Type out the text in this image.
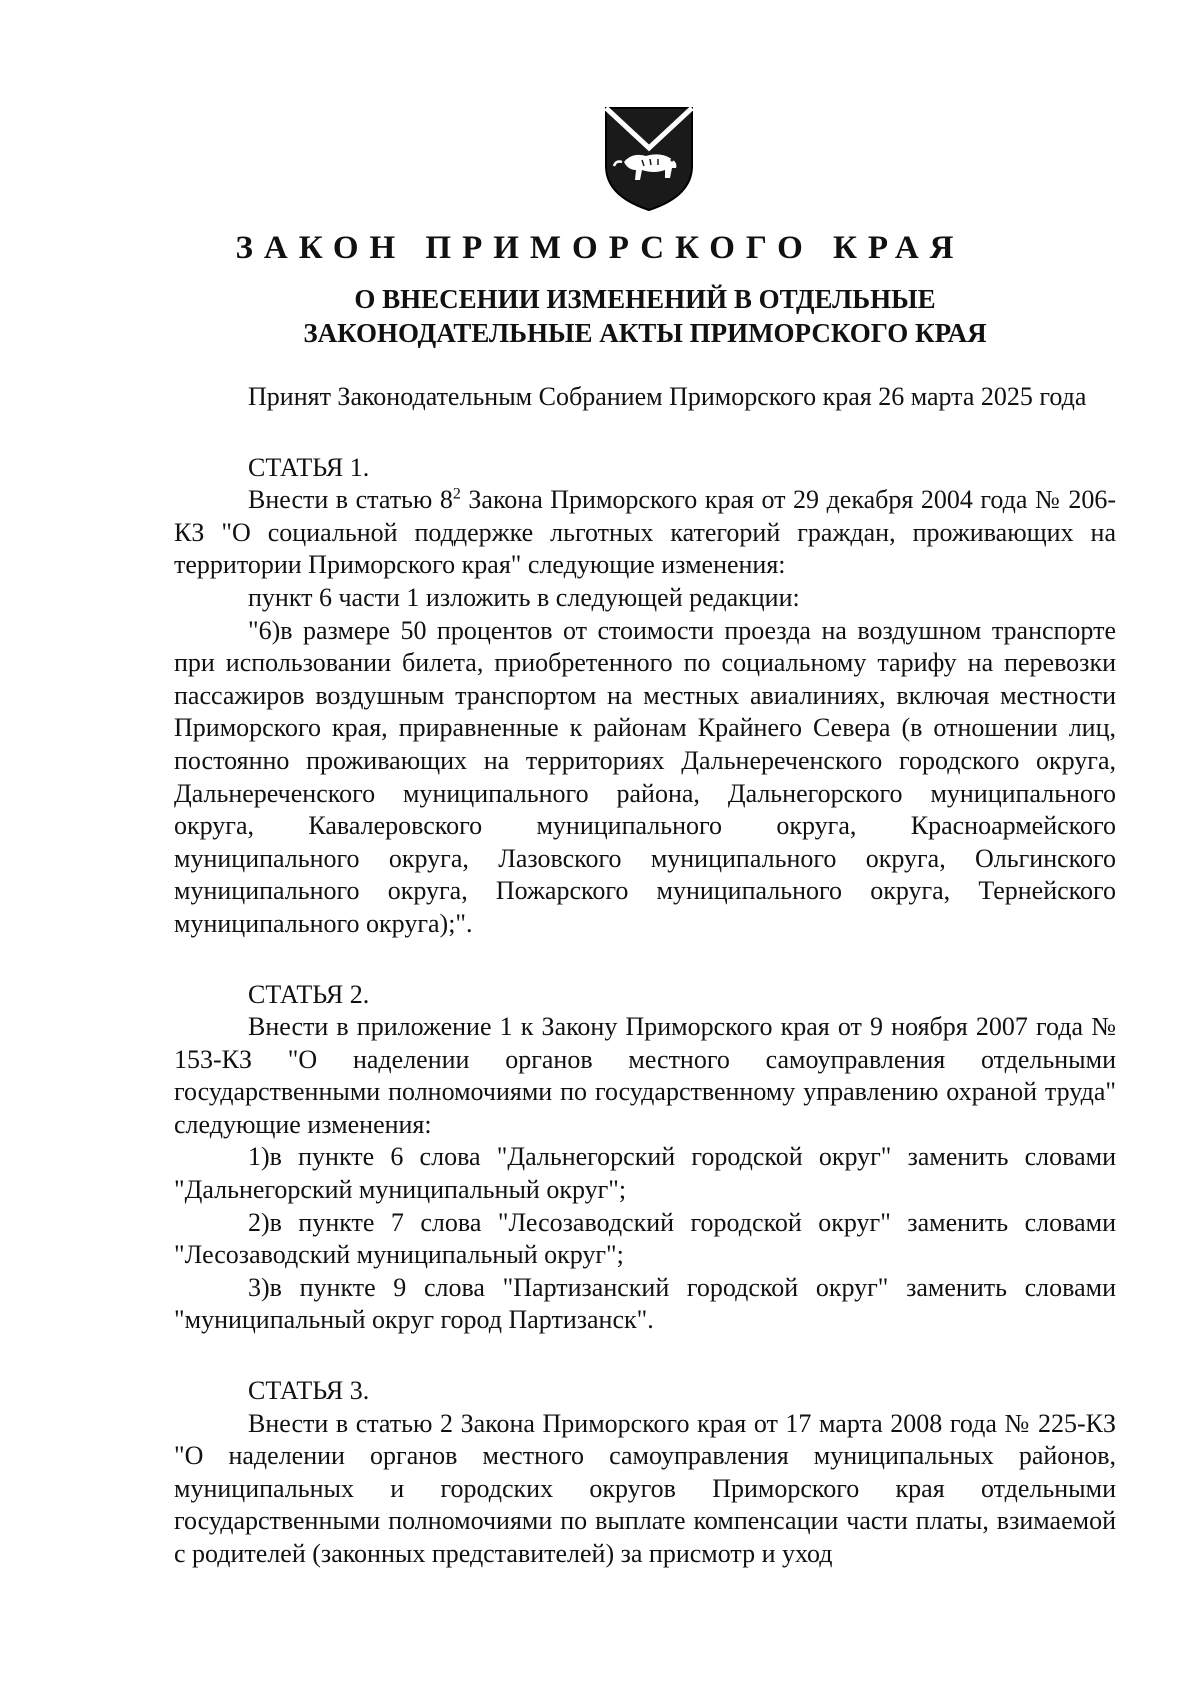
ЗАКОН ПРИМОРСКОГО КРАЯ
О ВНЕСЕНИИ ИЗМЕНЕНИЙ В ОТДЕЛЬНЫЕ
ЗАКОНОДАТЕЛЬНЫЕ АКТЫ ПРИМОРСКОГО КРАЯ

Принят Законодательным Собранием Приморского края 26 марта 2025 года

СТАТЬЯ 1.

Внести в статью $8^2$ Закона Приморского края от 29 декабря 2004 года № 206-КЗ "О социальной поддержке льготных категорий граждан, проживающих на территории Приморского края" следующие изменения:

пункт 6 части 1 изложить в следующей редакции:

"6)в размере 50 процентов от стоимости проезда на воздушном транспорте при использовании билета, приобретенного по социальному тарифу на перевозки пассажиров воздушным транспортом на местных авиалиниях, включая местности Приморского края, приравненные к районам Крайнего Севера (в отношении лиц, постоянно проживающих на территориях Дальнереченского городского округа, Дальнереченского муниципального района, Дальнегорского муниципального округа, Кавалеровского муниципального округа, Красноармейского муниципального округа, Лазовского муниципального округа, Ольгинского муниципального округа, Пожарского муниципального округа, Тернейского муниципального округа);".

СТАТЬЯ 2.

Внести в приложение 1 к Закону Приморского края от 9 ноября 2007 года № 153-КЗ "О наделении органов местного самоуправления отдельными государственными полномочиями по государственному управлению охраной труда" следующие изменения:

1)в пункте 6 слова "Дальнегорский городской округ" заменить словами "Дальнегорский муниципальный округ";

2)в пункте 7 слова "Лесозаводский городской округ" заменить словами "Лесозаводский муниципальный округ";

3)в пункте 9 слова "Партизанский городской округ" заменить словами "муниципальный округ город Партизанск".

СТАТЬЯ 3.

Внести в статью 2 Закона Приморского края от 17 марта 2008 года № 225-КЗ "О наделении органов местного самоуправления муниципальных районов, муниципальных и городских округов Приморского края отдельными государственными полномочиями по выплате компенсации части платы, взимаемой с родителей (законных представителей) за присмотр и уход
